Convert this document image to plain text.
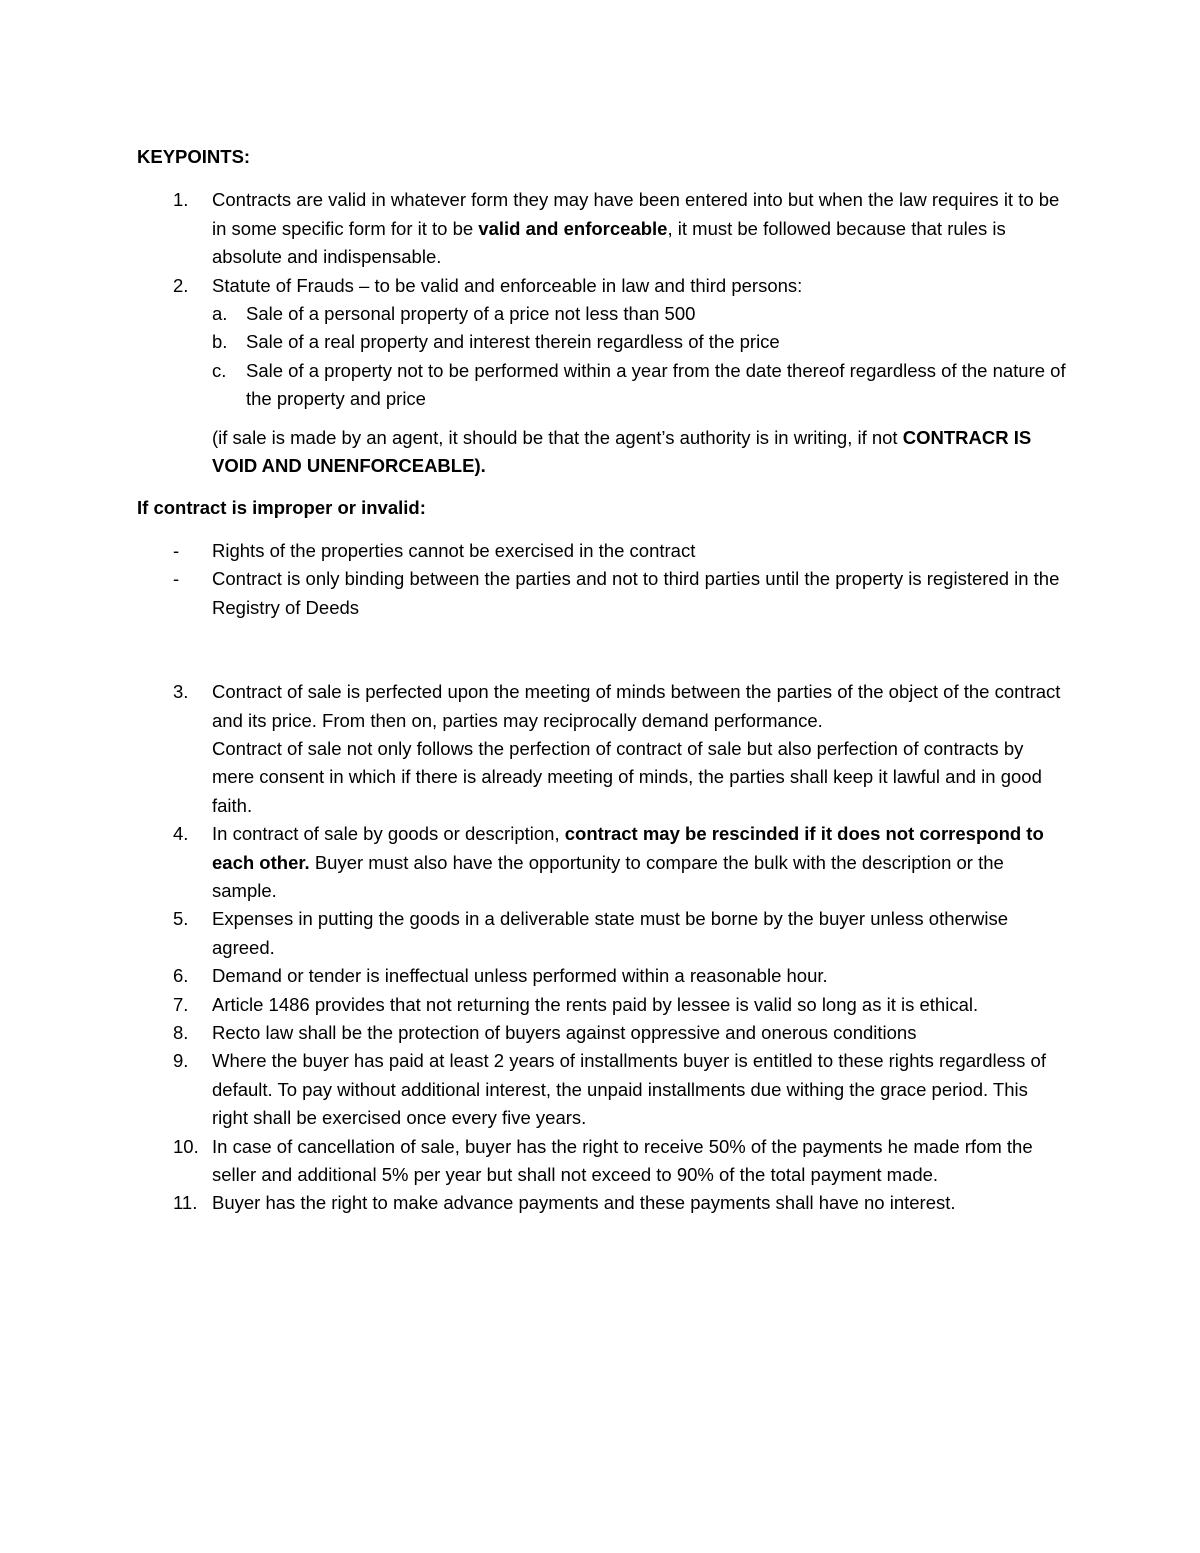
KEYPOINTS:

1. Contracts are valid in whatever form they may have been entered into but when the law requires it to be in some specific form for it to be valid and enforceable, it must be followed because that rules is absolute and indispensable.
2. Statute of Frauds – to be valid and enforceable in law and third persons:
a. Sale of a personal property of a price not less than 500
b. Sale of a real property and interest therein regardless of the price
c. Sale of a property not to be performed within a year from the date thereof regardless of the nature of the property and price

(if sale is made by an agent, it should be that the agent’s authority is in writing, if not CONTRACR IS VOID AND UNENFORCEABLE).

If contract is improper or invalid:

- Rights of the properties cannot be exercised in the contract
- Contract is only binding between the parties and not to third parties until the property is registered in the Registry of Deeds
3. Contract of sale is perfected upon the meeting of minds between the parties of the object of the contract and its price. From then on, parties may reciprocally demand performance.
Contract of sale not only follows the perfection of contract of sale but also perfection of contracts by mere consent in which if there is already meeting of minds, the parties shall keep it lawful and in good faith.
4. In contract of sale by goods or description, contract may be rescinded if it does not correspond to each other. Buyer must also have the opportunity to compare the bulk with the description or the sample.
5. Expenses in putting the goods in a deliverable state must be borne by the buyer unless otherwise agreed.
6. Demand or tender is ineffectual unless performed within a reasonable hour.
7. Article 1486 provides that not returning the rents paid by lessee is valid so long as it is ethical.
8. Recto law shall be the protection of buyers against oppressive and onerous conditions
9. Where the buyer has paid at least 2 years of installments buyer is entitled to these rights regardless of default. To pay without additional interest, the unpaid installments due withing the grace period. This right shall be exercised once every five years.
10. In case of cancellation of sale, buyer has the right to receive 50% of the payments he made rfom the seller and additional 5% per year but shall not exceed to 90% of the total payment made.
11. Buyer has the right to make advance payments and these payments shall have no interest.
